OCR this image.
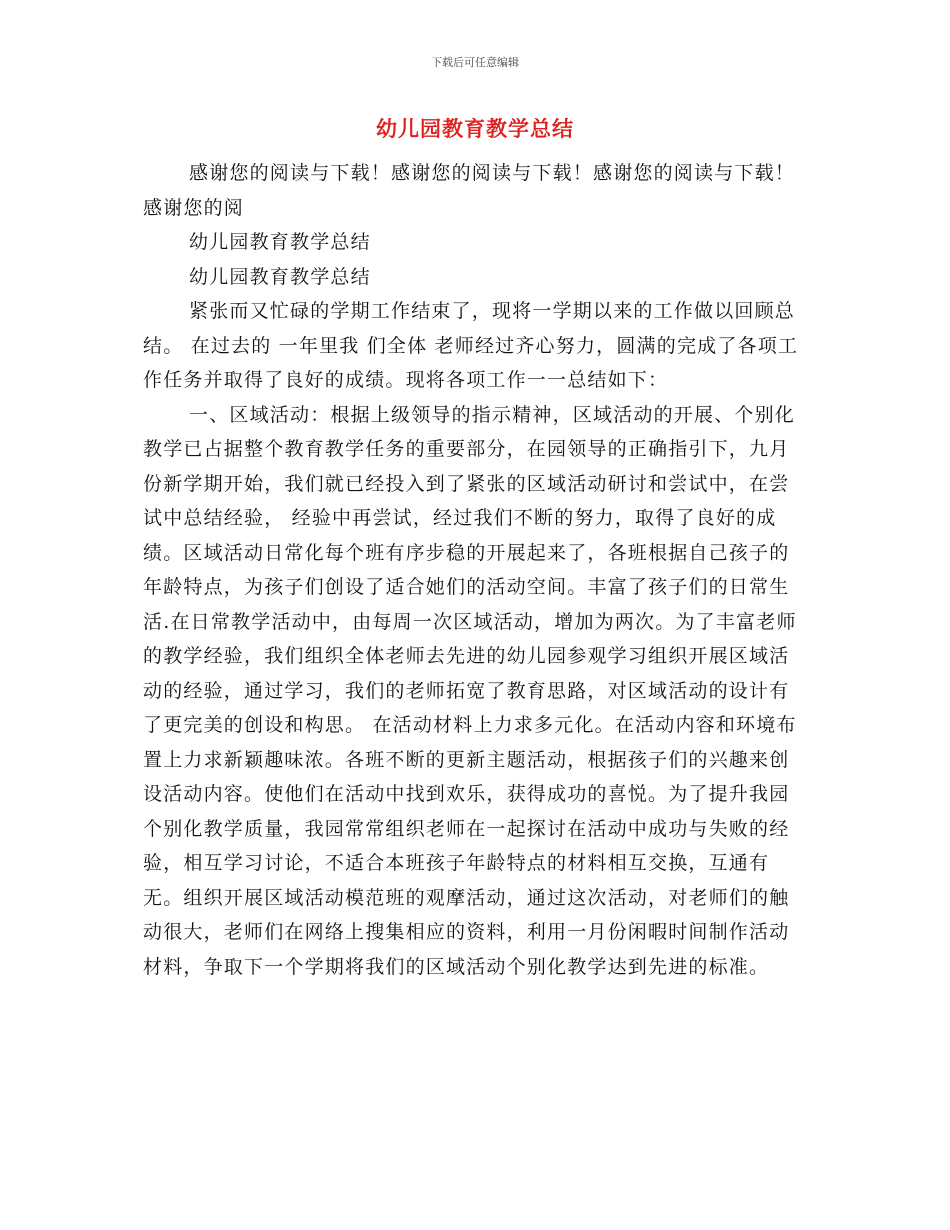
下载后可任意编辑
幼儿园教育教学总结

感谢您的阅读与下载！感谢您的阅读与下载！感谢您的阅读与下载！感谢您的阅

幼儿园教育教学总结

幼儿园教育教学总结

紧张而又忙碌的学期工作结束了，现将一学期以来的工作做以回顾总结。 在过去的 一年里我 们全体 老师经过齐心努力，圆满的完成了各项工作任务并取得了良好的成绩。现将各项工作一一总结如下：

一、区域活动：根据上级领导的指示精神，区域活动的开展、个别化教学已占据整个教育教学任务的重要部分，在园领导的正确指引下，九月份新学期开始，我们就已经投入到了紧张的区域活动研讨和尝试中，在尝试中总结经验， 经验中再尝试，经过我们不断的努力，取得了良好的成绩。区域活动日常化每个班有序步稳的开展起来了，各班根据自己孩子的年龄特点，为孩子们创设了适合她们的活动空间。丰富了孩子们的日常生活.在日常教学活动中，由每周一次区域活动，增加为两次。为了丰富老师的教学经验，我们组织全体老师去先进的幼儿园参观学习组织开展区域活动的经验，通过学习，我们的老师拓宽了教育思路，对区域活动的设计有了更完美的创设和构思。 在活动材料上力求多元化。在活动内容和环境布置上力求新颖趣味浓。各班不断的更新主题活动，根据孩子们的兴趣来创设活动内容。使他们在活动中找到欢乐，获得成功的喜悦。为了提升我园个别化教学质量，我园常常组织老师在一起探讨在活动中成功与失败的经验，相互学习讨论，不适合本班孩子年龄特点的材料相互交换，互通有无。组织开展区域活动模范班的观摩活动，通过这次活动，对老师们的触动很大，老师们在网络上搜集相应的资料，利用一月份闲暇时间制作活动材料，争取下一个学期将我们的区域活动个别化教学达到先进的标准。
